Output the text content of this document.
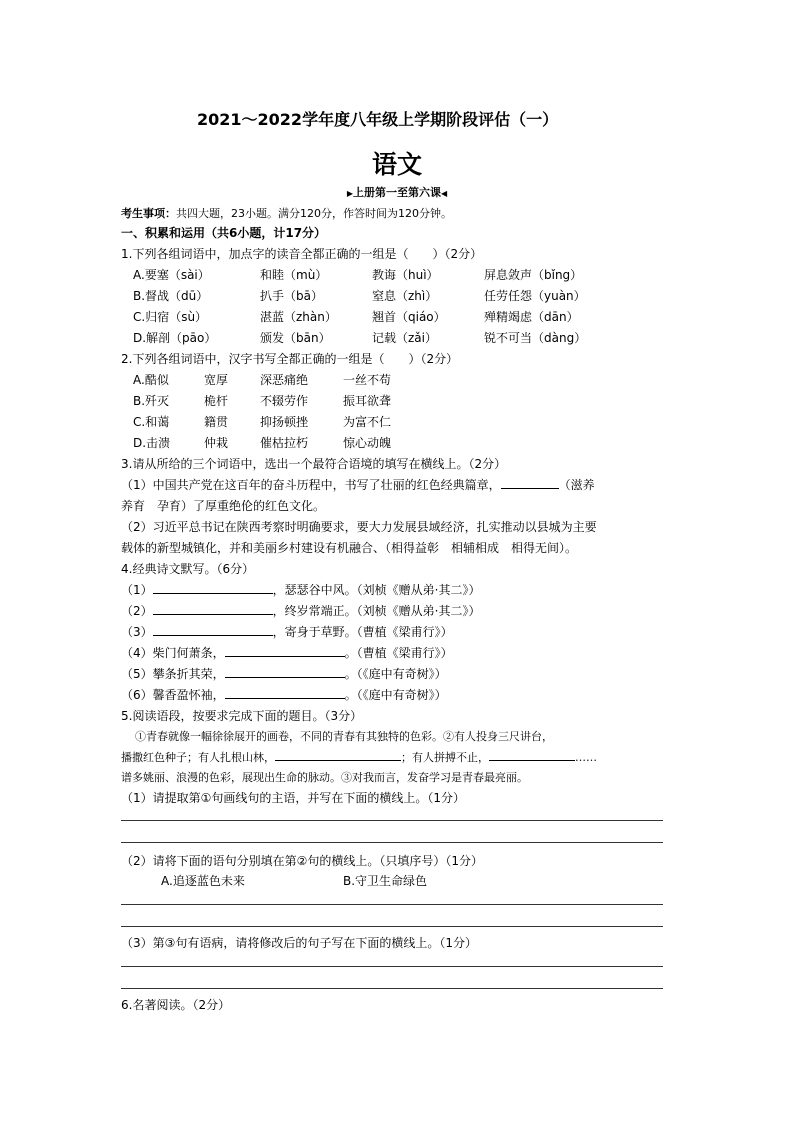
2021～2022学年度八年级上学期阶段评估（一）
语文
▶上册第一至第六课◀
考生事项：共四大题，23小题。满分120分，作答时间为120分钟。
一、积累和运用（共6小题，计17分）
1.下列各组词语中，加点字的读音全都正确的一组是（　　）（2分）
A.要塞（sài）	和睦（mù）	教诲（huì）	屏息敛声（bǐng）
B.督战（dū）	扒手（bā）	窒息（zhì）	任劳任怨（yuàn）
C.归宿（sù）	湛蓝（zhàn）	翘首（qiáo）	殚精竭虑（dān）
D.解剖（pāo）	颁发（bān）	记载（zǎi）	锐不可当（dàng）
2.下列各组词语中，汉字书写全都正确的一组是（　　）（2分）
A.酷似	宽厚	深恶痛绝	一丝不苟
B.歼灭	桅杆	不辍劳作	振耳欲聋
C.和蔼	籍贯	抑扬顿挫	为富不仁
D.击溃	仲栽	催枯拉朽	惊心动魄
3.请从所给的三个词语中，选出一个最符合语境的填写在横线上。（2分）
（1）中国共产党在这百年的奋斗历程中，书写了壮丽的红色经典篇章，	（滋养
养育　孕育）了厚重绝伦的红色文化。
（2）习近平总书记在陕西考察时明确要求，要大力发展县域经济，扎实推动以县城为主要
载体的新型城镇化，并和美丽乡村建设有机融合、（相得益彰　相辅相成　相得无间）。
4.经典诗文默写。（6分）
（1）	，瑟瑟谷中风。（刘桢《赠从弟·其二》）
（2）	，终岁常端正。（刘桢《赠从弟·其二》）
（3）	，寄身于草野。（曹植《梁甫行》）
（4）柴门何萧条，	。（曹植《梁甫行》）
（5）攀条折其荣，	。（《庭中有奇树》）
（6）馨香盈怀袖，	。（《庭中有奇树》）
5.阅读语段，按要求完成下面的题目。（3分）
①青春就像一幅徐徐展开的画卷，不同的青春有其独特的色彩。②有人投身三尺讲台，
播撒红色种子；有人扎根山林，	；有人拼搏不止，	……
谱多姚丽、浪漫的色彩，展现出生命的脉动。③对我而言，发奋学习是青春最亮丽。
（1）请提取第①句画线句的主语，并写在下面的横线上。（1分）
（2）请将下面的语句分别填在第②句的横线上。（只填序号）（1分）
A.追逐蓝色未来	B.守卫生命绿色
（3）第③句有语病，请将修改后的句子写在下面的横线上。（1分）
6.名著阅读。（2分）
